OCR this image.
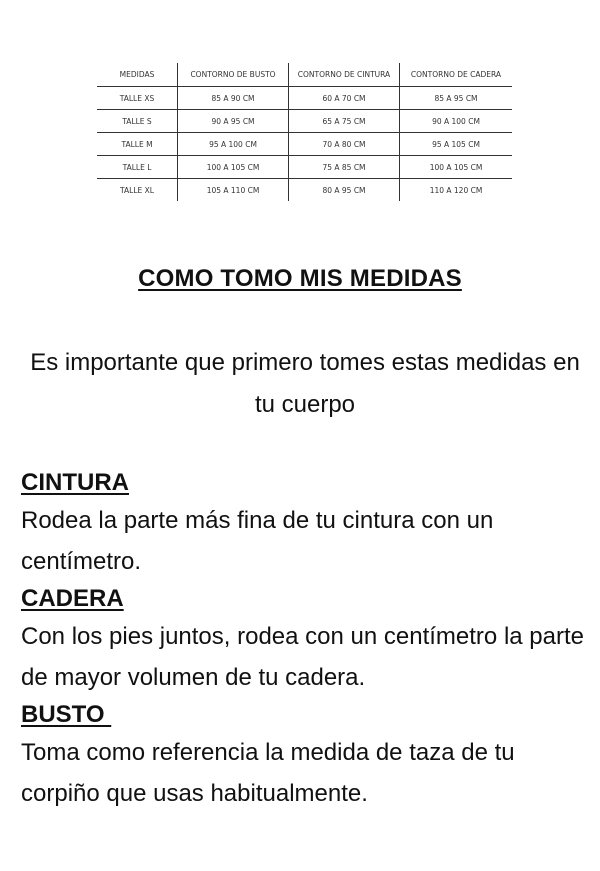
MEDIDAS	CONTORNO DE BUSTO	CONTORNO DE CINTURA	CONTORNO DE CADERA
TALLE XS	85 A 90 CM	60 A 70 CM	85 A 95 CM
TALLE S	90 A 95 CM	65 A 75 CM	90 A 100 CM
TALLE M	95 A 100 CM	70 A 80 CM	95 A 105 CM
TALLE L	100 A 105 CM	75 A 85 CM	100 A 105 CM
TALLE XL	105 A 110 CM	80 A 95 CM	110 A 120 CM
COMO TOMO MIS MEDIDAS

Es importante que primero tomes estas medidas en tu cuerpo

CINTURA

Rodea la parte más fina de tu cintura con un centímetro.

CADERA

Con los pies juntos, rodea con un centímetro la parte de mayor volumen de tu cadera.

BUSTO

Toma como referencia la medida de taza de tu corpiño que usas habitualmente.
